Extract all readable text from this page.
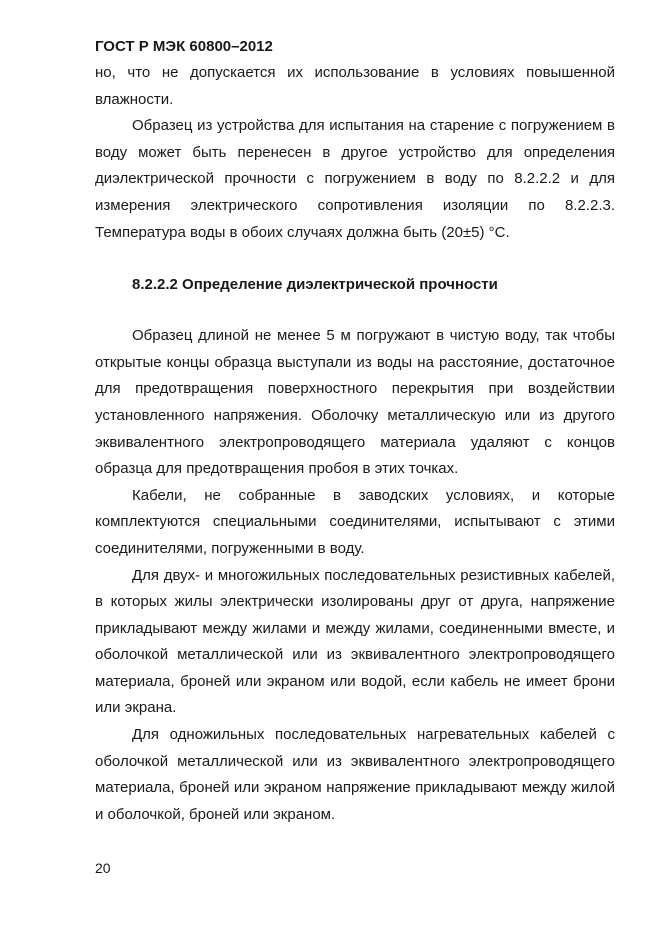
ГОСТ Р МЭК 60800–2012

но, что не допускается их использование в условиях повышенной влажности.

Образец из устройства для испытания на старение с погружением в воду может быть перенесен в другое устройство для определения диэлектрической прочности с погружением в воду по 8.2.2.2 и для измерения электрического сопротивления изоляции по 8.2.2.3. Температура воды в обоих случаях должна быть (20±5) °С.

8.2.2.2 Определение диэлектрической прочности

Образец длиной не менее 5 м погружают в чистую воду, так чтобы открытые концы образца выступали из воды на расстояние, достаточное для предотвращения поверхностного перекрытия при воздействии установленного напряжения. Оболочку металлическую или из другого эквивалентного электропроводящего материала удаляют с концов образца для предотвращения пробоя в этих точках.

Кабели, не собранные в заводских условиях, и которые комплектуются специальными соединителями, испытывают с этими соединителями, погруженными в воду.

Для двух- и многожильных последовательных резистивных кабелей, в которых жилы электрически изолированы друг от друга, напряжение прикладывают между жилами и между жилами, соединенными вместе, и оболочкой металлической или из эквивалентного электропроводящего материала, броней или экраном или водой, если кабель не имеет брони или экрана.

Для одножильных последовательных нагревательных кабелей с оболочкой металлической или из эквивалентного электропроводящего материала, броней или экраном напряжение прикладывают между жилой и оболочкой, броней или экраном.

20
